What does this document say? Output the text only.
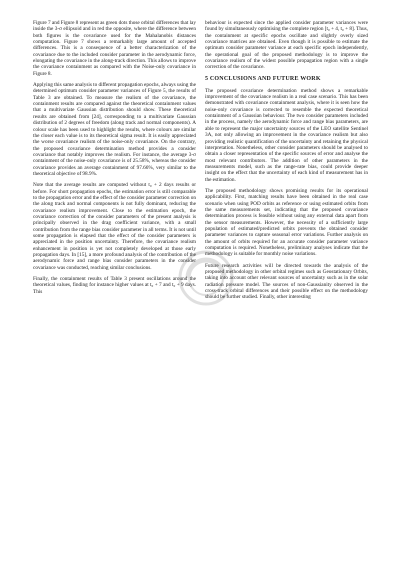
Figure 7 and Figure 8 represent as green dots those orbital differences that lay inside the 3-σ ellipsoid and in red the opposite, where the difference between both figures is the covariance used for the Mahalanobis distances computation. Figure 7 shows a remarkably large amount of accepted differences. This is a consequence of a better characterization of the covariance due to the included consider parameter in the aerodynamic force, elongating the covariance in the along-track direction. This allows to improve the covariance containment as compared with the Noise-only covariance in Figure 8.

Applying this same analysis to different propagation epochs, always using the determined optimum consider parameter variances of Figure 5, the results of Table 3 are obtained. To measure the realism of the covariance, the containment results are compared against the theoretical containment values that a multivariate Gaussian distribution should show. These theoretical results are obtained from [24], corresponding to a multivariate Gaussian distribution of 2 degrees of freedom (along track and normal components). A colour scale has been used to highlight the results, where colours are similar the closer each value is to its theoretical sigma result. It is easily appreciated the worse covariance realism of the noise-only covariance. On the contrary, the proposed covariance determination method provides a consider covariance that notably improves the realism. For instance, the average 3-σ containment of the noise-only covariance is of 25.58%, whereas the consider covariance provides an average containment of 97.66%, very similar to the theoretical objective of 98.9%.

Note that the average results are computed without t₀ + 2 days results or before. For short propagation epochs, the estimation error is still comparable to the propagation error and the effect of the consider parameter correction on the along track and normal components is not fully dominant, reducing the covariance realism improvement. Close to the estimation epoch, the covariance correction of the consider parameters of the present analysis is principally observed in the drag coefficient variance, with a small contribution from the range bias consider parameter in all terms. It is not until some propagation is elapsed that the effect of the consider parameters is appreciated in the position uncertainty. Therefore, the covariance realism enhancement in position is yet not completely developed at those early propagation days. In [15], a more profound analysis of the contribution of the aerodynamic force and range bias consider parameters in the consider covariance was conducted, reaching similar conclusions.

Finally, the containment results of Table 3 present oscillations around the theoretical values, finding for instance higher values at t₀ + 7 and t₀ + 9 days. This

behaviour is expected since the applied consider parameter variances were found by simultaneously optimising the complete region [t₀ + 4, t₀ + 8]. Thus, the containment at specific epochs oscillate and slightly overly sized covariance matrices are obtained. Even though it is possible to estimate the optimum consider parameter variance at each specific epoch independently, the operational goal of the proposed methodology is to improve the covariance realism of the widest possible propagation region with a single correction of the covariance.

5 CONCLUSIONS AND FUTURE WORK

The proposed covariance determination method shows a remarkable improvement of the covariance realism in a real case scenario. This has been demonstrated with covariance containment analysis, where it is seen how the noise-only covariance is corrected to resemble the expected theoretical containment of a Gaussian behaviour. The two consider parameters included in the process, namely the aerodynamic force and range bias parameters, are able to represent the major uncertainty sources of the LEO satellite Sentinel 3A, not only allowing an improvement in the covariance realism but also providing realistic quantification of the uncertainty and retaining the physical interpretation. Nonetheless, other consider parameters should be analysed to obtain a closer representation of the specific sources of error and analyse the most relevant contributors. The addition of other parameters in the measurements model, such as the range-rate bias, could provide deeper insight on the effect that the uncertainty of each kind of measurement has in the estimation.

The proposed methodology shows promising results for its operational applicability. First, matching results have been obtained in the real case scenario when using POD orbits as reference or using estimated orbits from the same measurements set, indicating that the proposed covariance determination process is feasible without using any external data apart from the sensor measurements. However, the necessity of a sufficiently large population of estimated/predicted orbits prevents the obtained consider parameter variances to capture seasonal error variations. Further analysis on the amount of orbits required for an accurate consider parameter variance computation is required. Nonetheless, preliminary analyses indicate that the methodology is suitable for monthly noise variations.

Future research activities will be directed towards the analysis of the proposed methodology in other orbital regimes such as Geostationary Orbits, taking into account other relevant sources of uncertainty such as in the solar radiation pressure model. The sources of non-Gaussianity observed in the cross-track orbital differences and their possible effect on the methodology should be further studied. Finally, other interesting
